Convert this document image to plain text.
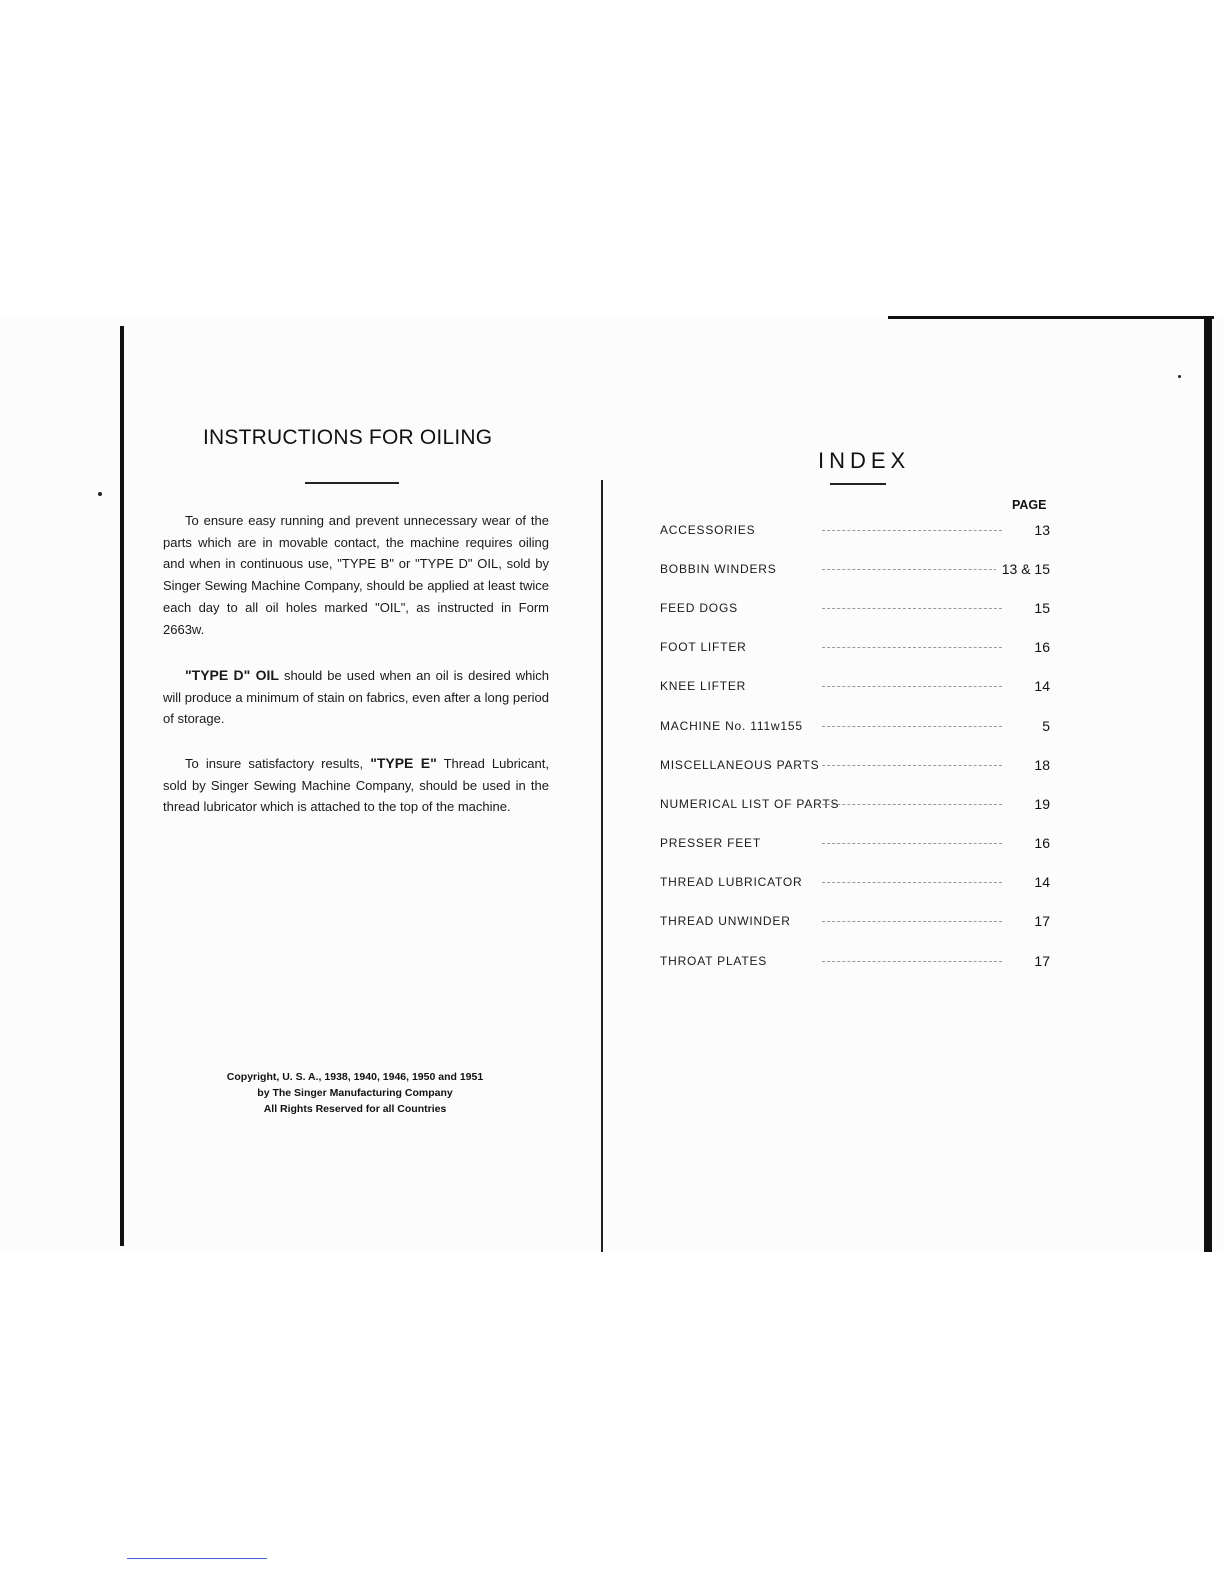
INSTRUCTIONS FOR OILING

To ensure easy running and prevent unnecessary wear of the parts which are in movable contact, the machine requires oiling and when in continuous use, "TYPE B" or "TYPE D" OIL, sold by Singer Sewing Machine Company, should be applied at least twice each day to all oil holes marked "OIL", as instructed in Form 2663w.

"TYPE D" OIL should be used when an oil is desired which will produce a minimum of stain on fabrics, even after a long period of storage.

To insure satisfactory results, "TYPE E" Thread Lubricant, sold by Singer Sewing Machine Company, should be used in the thread lubricator which is attached to the top of the machine.

Copyright, U. S. A., 1938, 1940, 1946, 1950 and 1951
by The Singer Manufacturing Company
All Rights Reserved for all Countries

INDEX
PAGE
ACCESSORIES	13
BOBBIN WINDERS	13 & 15
FEED DOGS	15
FOOT LIFTER	16
KNEE LIFTER	14
MACHINE No. 111w155	5
MISCELLANEOUS PARTS	18
NUMERICAL LIST OF PARTS	19
PRESSER FEET	16
THREAD LUBRICATOR	14
THREAD UNWINDER	17
THROAT PLATES	17
